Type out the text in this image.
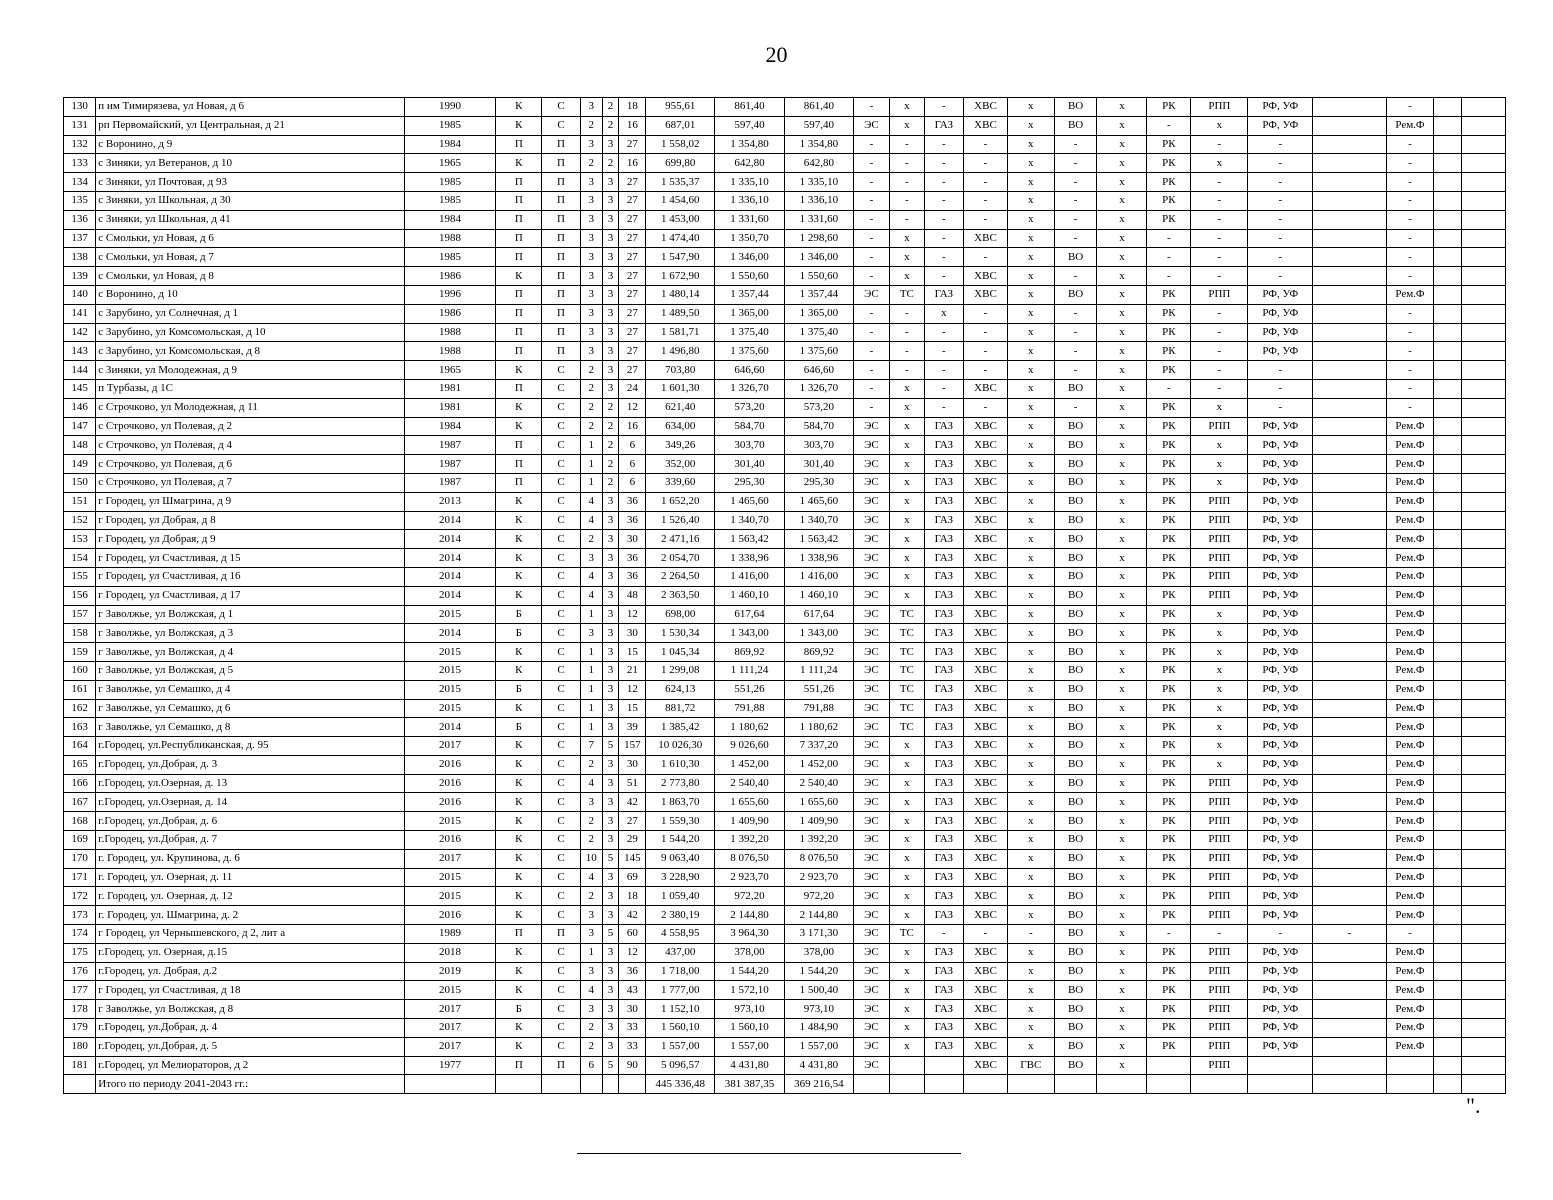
20
130	п им Тимирязева, ул Новая, д 6	1990	К	С	3	2	18	955,61	861,40	861,40	-	х	-	ХВС	х	ВО	х	РК	РПП	РФ, УФ		-		
131	рп Первомайский, ул Центральная, д 21	1985	К	С	2	2	16	687,01	597,40	597,40	ЭС	х	ГАЗ	ХВС	х	ВО	х	-	х	РФ, УФ		Рем.Ф		
132	с Воронино, д 9	1984	П	П	3	3	27	1 558,02	1 354,80	1 354,80	-	-	-	-	х	-	х	РК	-	-		-		
133	с Зиняки, ул Ветеранов, д 10	1965	К	П	2	2	16	699,80	642,80	642,80	-	-	-	-	х	-	х	РК	х	-		-		
134	с Зиняки, ул Почтовая, д 93	1985	П	П	3	3	27	1 535,37	1 335,10	1 335,10	-	-	-	-	х	-	х	РК	-	-		-		
135	с Зиняки, ул Школьная, д 30	1985	П	П	3	3	27	1 454,60	1 336,10	1 336,10	-	-	-	-	х	-	х	РК	-	-		-		
136	с Зиняки, ул Школьная, д 41	1984	П	П	3	3	27	1 453,00	1 331,60	1 331,60	-	-	-	-	х	-	х	РК	-	-		-		
137	с Смольки, ул Новая, д 6	1988	П	П	3	3	27	1 474,40	1 350,70	1 298,60	-	х	-	ХВС	х	-	х	-	-	-		-		
138	с Смольки, ул Новая, д 7	1985	П	П	3	3	27	1 547,90	1 346,00	1 346,00	-	х	-	-	х	ВО	х	-	-	-		-		
139	с Смольки, ул Новая, д 8	1986	К	П	3	3	27	1 672,90	1 550,60	1 550,60	-	х	-	ХВС	х	-	х	-	-	-		-		
140	с Воронино, д 10	1996	П	П	3	3	27	1 480,14	1 357,44	1 357,44	ЭС	ТС	ГАЗ	ХВС	х	ВО	х	РК	РПП	РФ, УФ		Рем.Ф		
141	с Зарубино, ул Солнечная, д 1	1986	П	П	3	3	27	1 489,50	1 365,00	1 365,00	-	-	х	-	х	-	х	РК	-	РФ, УФ		-		
142	с Зарубино, ул Комсомольская, д 10	1988	П	П	3	3	27	1 581,71	1 375,40	1 375,40	-	-	-	-	х	-	х	РК	-	РФ, УФ		-		
143	с Зарубино, ул Комсомольская, д 8	1988	П	П	3	3	27	1 496,80	1 375,60	1 375,60	-	-	-	-	х	-	х	РК	-	РФ, УФ		-		
144	с Зиняки, ул Молодежная, д 9	1965	К	С	2	3	27	703,80	646,60	646,60	-	-	-	-	х	-	х	РК	-	-		-		
145	п Турбазы, д 1С	1981	П	С	2	3	24	1 601,30	1 326,70	1 326,70	-	х	-	ХВС	х	ВО	х	-	-	-		-		
146	с Строчково, ул Молодежная, д 11	1981	К	С	2	2	12	621,40	573,20	573,20	-	х	-	-	х	-	х	РК	х	-		-		
147	с Строчково, ул Полевая, д 2	1984	К	С	2	2	16	634,00	584,70	584,70	ЭС	х	ГАЗ	ХВС	х	ВО	х	РК	РПП	РФ, УФ		Рем.Ф		
148	с Строчково, ул Полевая, д 4	1987	П	С	1	2	6	349,26	303,70	303,70	ЭС	х	ГАЗ	ХВС	х	ВО	х	РК	х	РФ, УФ		Рем.Ф		
149	с Строчково, ул Полевая, д 6	1987	П	С	1	2	6	352,00	301,40	301,40	ЭС	х	ГАЗ	ХВС	х	ВО	х	РК	х	РФ, УФ		Рем.Ф		
150	с Строчково, ул Полевая, д 7	1987	П	С	1	2	6	339,60	295,30	295,30	ЭС	х	ГАЗ	ХВС	х	ВО	х	РК	х	РФ, УФ		Рем.Ф		
151	г Городец, ул Шмагрина, д 9	2013	К	С	4	3	36	1 652,20	1 465,60	1 465,60	ЭС	х	ГАЗ	ХВС	х	ВО	х	РК	РПП	РФ, УФ		Рем.Ф		
152	г Городец, ул Добрая, д 8	2014	К	С	4	3	36	1 526,40	1 340,70	1 340,70	ЭС	х	ГАЗ	ХВС	х	ВО	х	РК	РПП	РФ, УФ		Рем.Ф		
153	г Городец, ул Добрая, д 9	2014	К	С	2	3	30	2 471,16	1 563,42	1 563,42	ЭС	х	ГАЗ	ХВС	х	ВО	х	РК	РПП	РФ, УФ		Рем.Ф		
154	г Городец, ул Счастливая, д 15	2014	К	С	3	3	36	2 054,70	1 338,96	1 338,96	ЭС	х	ГАЗ	ХВС	х	ВО	х	РК	РПП	РФ, УФ		Рем.Ф		
155	г Городец, ул Счастливая, д 16	2014	К	С	4	3	36	2 264,50	1 416,00	1 416,00	ЭС	х	ГАЗ	ХВС	х	ВО	х	РК	РПП	РФ, УФ		Рем.Ф		
156	г Городец, ул Счастливая, д 17	2014	К	С	4	3	48	2 363,50	1 460,10	1 460,10	ЭС	х	ГАЗ	ХВС	х	ВО	х	РК	РПП	РФ, УФ		Рем.Ф		
157	г Заволжье, ул Волжская, д 1	2015	Б	С	1	3	12	698,00	617,64	617,64	ЭС	ТС	ГАЗ	ХВС	х	ВО	х	РК	х	РФ, УФ		Рем.Ф		
158	г Заволжье, ул Волжская, д 3	2014	Б	С	3	3	30	1 530,34	1 343,00	1 343,00	ЭС	ТС	ГАЗ	ХВС	х	ВО	х	РК	х	РФ, УФ		Рем.Ф		
159	г Заволжье, ул Волжская, д 4	2015	К	С	1	3	15	1 045,34	869,92	869,92	ЭС	ТС	ГАЗ	ХВС	х	ВО	х	РК	х	РФ, УФ		Рем.Ф		
160	г Заволжье, ул Волжская, д 5	2015	К	С	1	3	21	1 299,08	1 111,24	1 111,24	ЭС	ТС	ГАЗ	ХВС	х	ВО	х	РК	х	РФ, УФ		Рем.Ф		
161	г Заволжье, ул Семашко, д 4	2015	Б	С	1	3	12	624,13	551,26	551,26	ЭС	ТС	ГАЗ	ХВС	х	ВО	х	РК	х	РФ, УФ		Рем.Ф		
162	г Заволжье, ул Семашко, д 6	2015	К	С	1	3	15	881,72	791,88	791,88	ЭС	ТС	ГАЗ	ХВС	х	ВО	х	РК	х	РФ, УФ		Рем.Ф		
163	г Заволжье, ул Семашко, д 8	2014	Б	С	1	3	39	1 385,42	1 180,62	1 180,62	ЭС	ТС	ГАЗ	ХВС	х	ВО	х	РК	х	РФ, УФ		Рем.Ф		
164	г.Городец, ул.Республиканская, д. 95	2017	К	С	7	5	157	10 026,30	9 026,60	7 337,20	ЭС	х	ГАЗ	ХВС	х	ВО	х	РК	х	РФ, УФ		Рем.Ф		
165	г.Городец, ул.Добрая, д. 3	2016	К	С	2	3	30	1 610,30	1 452,00	1 452,00	ЭС	х	ГАЗ	ХВС	х	ВО	х	РК	х	РФ, УФ		Рем.Ф		
166	г.Городец, ул.Озерная, д. 13	2016	К	С	4	3	51	2 773,80	2 540,40	2 540,40	ЭС	х	ГАЗ	ХВС	х	ВО	х	РК	РПП	РФ, УФ		Рем.Ф		
167	г.Городец, ул.Озерная, д. 14	2016	К	С	3	3	42	1 863,70	1 655,60	1 655,60	ЭС	х	ГАЗ	ХВС	х	ВО	х	РК	РПП	РФ, УФ		Рем.Ф		
168	г.Городец, ул.Добрая, д. 6	2015	К	С	2	3	27	1 559,30	1 409,90	1 409,90	ЭС	х	ГАЗ	ХВС	х	ВО	х	РК	РПП	РФ, УФ		Рем.Ф		
169	г.Городец, ул.Добрая, д. 7	2016	К	С	2	3	29	1 544,20	1 392,20	1 392,20	ЭС	х	ГАЗ	ХВС	х	ВО	х	РК	РПП	РФ, УФ		Рем.Ф		
170	г. Городец, ул. Крупинова, д. 6	2017	К	С	10	5	145	9 063,40	8 076,50	8 076,50	ЭС	х	ГАЗ	ХВС	х	ВО	х	РК	РПП	РФ, УФ		Рем.Ф		
171	г. Городец, ул. Озерная, д. 11	2015	К	С	4	3	69	3 228,90	2 923,70	2 923,70	ЭС	х	ГАЗ	ХВС	х	ВО	х	РК	РПП	РФ, УФ		Рем.Ф		
172	г. Городец, ул. Озерная, д. 12	2015	К	С	2	3	18	1 059,40	972,20	972,20	ЭС	х	ГАЗ	ХВС	х	ВО	х	РК	РПП	РФ, УФ		Рем.Ф		
173	г. Городец, ул. Шмагрина, д. 2	2016	К	С	3	3	42	2 380,19	2 144,80	2 144,80	ЭС	х	ГАЗ	ХВС	х	ВО	х	РК	РПП	РФ, УФ		Рем.Ф		
174	г Городец, ул Чернышевского, д 2, лит а	1989	П	П	3	5	60	4 558,95	3 964,30	3 171,30	ЭС	ТС	-	-	-	ВО	х	-	-	-	-	-		
175	г.Городец, ул. Озерная, д.15	2018	К	С	1	3	12	437,00	378,00	378,00	ЭС	х	ГАЗ	ХВС	х	ВО	х	РК	РПП	РФ, УФ		Рем.Ф		
176	г.Городец, ул. Добрая, д.2	2019	К	С	3	3	36	1 718,00	1 544,20	1 544,20	ЭС	х	ГАЗ	ХВС	х	ВО	х	РК	РПП	РФ, УФ		Рем.Ф		
177	г Городец, ул Счастливая, д 18	2015	К	С	4	3	43	1 777,00	1 572,10	1 500,40	ЭС	х	ГАЗ	ХВС	х	ВО	х	РК	РПП	РФ, УФ		Рем.Ф		
178	г Заволжье, ул Волжская, д 8	2017	Б	С	3	3	30	1 152,10	973,10	973,10	ЭС	х	ГАЗ	ХВС	х	ВО	х	РК	РПП	РФ, УФ		Рем.Ф		
179	г.Городец, ул.Добрая, д. 4	2017	К	С	2	3	33	1 560,10	1 560,10	1 484,90	ЭС	х	ГАЗ	ХВС	х	ВО	х	РК	РПП	РФ, УФ		Рем.Ф		
180	г.Городец, ул.Добрая, д. 5	2017	К	С	2	3	33	1 557,00	1 557,00	1 557,00	ЭС	х	ГАЗ	ХВС	х	ВО	х	РК	РПП	РФ, УФ		Рем.Ф		
181	г.Городец, ул Мелиораторов, д 2	1977	П	П	6	5	90	5 096,57	4 431,80	4 431,80	ЭС			ХВС	ГВС	ВО	х		РПП					
	Итого по периоду 2041-2043 гг.:							445 336,48	381 387,35	369 216,54														
".
